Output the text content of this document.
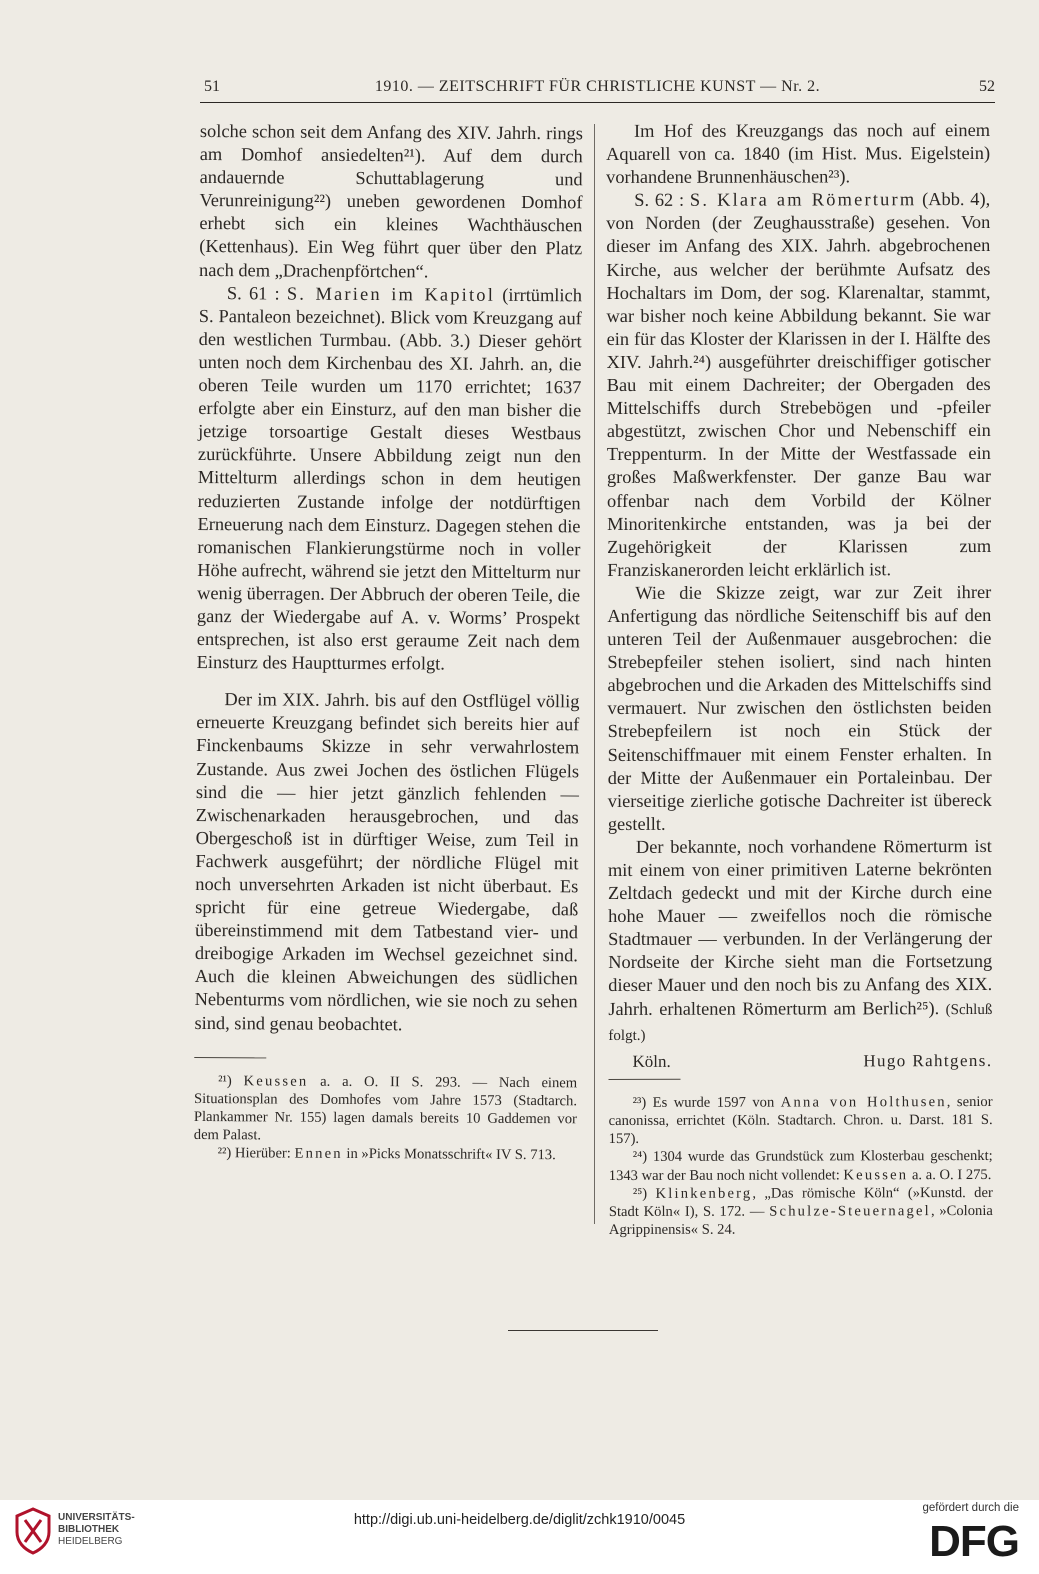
51	1910. — ZEITSCHRIFT FÜR CHRISTLICHE KUNST — Nr. 2.	52

solche schon seit dem Anfang des XIV. Jahrh. rings am Domhof ansiedelten²¹). Auf dem durch andauernde Schuttablagerung und Verunreinigung²²) uneben gewordenen Domhof erhebt sich ein kleines Wachthäuschen (Kettenhaus). Ein Weg führt quer über den Platz nach dem „Drachenpförtchen“.

S. 61 : S. Marien im Kapitol (irrtümlich S. Pantaleon bezeichnet). Blick vom Kreuzgang auf den westlichen Turmbau. (Abb. 3.) Dieser gehört unten noch dem Kirchenbau des XI. Jahrh. an, die oberen Teile wurden um 1170 errichtet; 1637 erfolgte aber ein Einsturz, auf den man bisher die jetzige torsoartige Gestalt dieses Westbaus zurückführte. Unsere Abbildung zeigt nun den Mittelturm allerdings schon in dem heutigen reduzierten Zustande infolge der notdürftigen Erneuerung nach dem Einsturz. Dagegen stehen die romanischen Flankierungstürme noch in voller Höhe aufrecht, während sie jetzt den Mittelturm nur wenig überragen. Der Abbruch der oberen Teile, die ganz der Wiedergabe auf A. v. Worms’ Prospekt entsprechen, ist also erst geraume Zeit nach dem Einsturz des Hauptturmes erfolgt.

Der im XIX. Jahrh. bis auf den Ostflügel völlig erneuerte Kreuzgang befindet sich bereits hier auf Finckenbaums Skizze in sehr verwahrlostem Zustande. Aus zwei Jochen des östlichen Flügels sind die — hier jetzt gänzlich fehlenden — Zwischenarkaden herausgebrochen, und das Obergeschoß ist in dürftiger Weise, zum Teil in Fachwerk ausgeführt; der nördliche Flügel mit noch unversehrten Arkaden ist nicht überbaut. Es spricht für eine getreue Wiedergabe, daß übereinstimmend mit dem Tatbestand vier- und dreibogige Arkaden im Wechsel gezeichnet sind. Auch die kleinen Abweichungen des südlichen Nebenturms vom nördlichen, wie sie noch zu sehen sind, sind genau beobachtet.

²¹) Keussen a. a. O. II S. 293. — Nach einem Situationsplan des Domhofes vom Jahre 1573 (Stadtarch. Plankammer Nr. 155) lagen damals bereits 10 Gaddemen vor dem Palast.

²²) Hierüber: Ennen in »Picks Monatsschrift« IV S. 713.

Im Hof des Kreuzgangs das noch auf einem Aquarell von ca. 1840 (im Hist. Mus. Eigelstein) vorhandene Brunnenhäuschen²³).

S. 62 : S. Klara am Römerturm (Abb. 4), von Norden (der Zeughausstraße) gesehen. Von dieser im Anfang des XIX. Jahrh. abgebrochenen Kirche, aus welcher der berühmte Aufsatz des Hochaltars im Dom, der sog. Klarenaltar, stammt, war bisher noch keine Abbildung bekannt. Sie war ein für das Kloster der Klarissen in der I. Hälfte des XIV. Jahrh.²⁴) ausgeführter dreischiffiger gotischer Bau mit einem Dachreiter; der Obergaden des Mittelschiffs durch Strebebögen und -pfeiler abgestützt, zwischen Chor und Nebenschiff ein Treppenturm. In der Mitte der Westfassade ein großes Maßwerkfenster. Der ganze Bau war offenbar nach dem Vorbild der Kölner Minoritenkirche entstanden, was ja bei der Zugehörigkeit der Klarissen zum Franziskanerorden leicht erklärlich ist.

Wie die Skizze zeigt, war zur Zeit ihrer Anfertigung das nördliche Seitenschiff bis auf den unteren Teil der Außenmauer ausgebrochen: die Strebepfeiler stehen isoliert, sind nach hinten abgebrochen und die Arkaden des Mittelschiffs sind vermauert. Nur zwischen den östlichsten beiden Strebepfeilern ist noch ein Stück der Seitenschiffmauer mit einem Fenster erhalten. In der Mitte der Außenmauer ein Portaleinbau. Der vierseitige zierliche gotische Dachreiter ist übereck gestellt.

Der bekannte, noch vorhandene Römerturm ist mit einem von einer primitiven Laterne bekrönten Zeltdach gedeckt und mit der Kirche durch eine hohe Mauer — zweifellos noch die römische Stadtmauer — verbunden. In der Verlängerung der Nordseite der Kirche sieht man die Fortsetzung dieser Mauer und den noch bis zu Anfang des XIX. Jahrh. erhaltenen Römerturm am Berlich²⁵). (Schluß folgt.)

Köln.	Hugo Rahtgens.

²³) Es wurde 1597 von Anna von Holthusen, senior canonissa, errichtet (Köln. Stadtarch. Chron. u. Darst. 181 S. 157).

²⁴) 1304 wurde das Grundstück zum Klosterbau geschenkt; 1343 war der Bau noch nicht vollendet: Keussen a. a. O. I 275.

²⁵) Klinkenberg, „Das römische Köln“ (»Kunstd. der Stadt Köln« I), S. 172. — Schulze-Steuernagel, »Colonia Agrippinensis« S. 24.

UNIVERSITÄTS-
BIBLIOTHEK
HEIDELBERG
http://digi.ub.uni-heidelberg.de/diglit/zchk1910/0045
gefördert durch die
DFG
